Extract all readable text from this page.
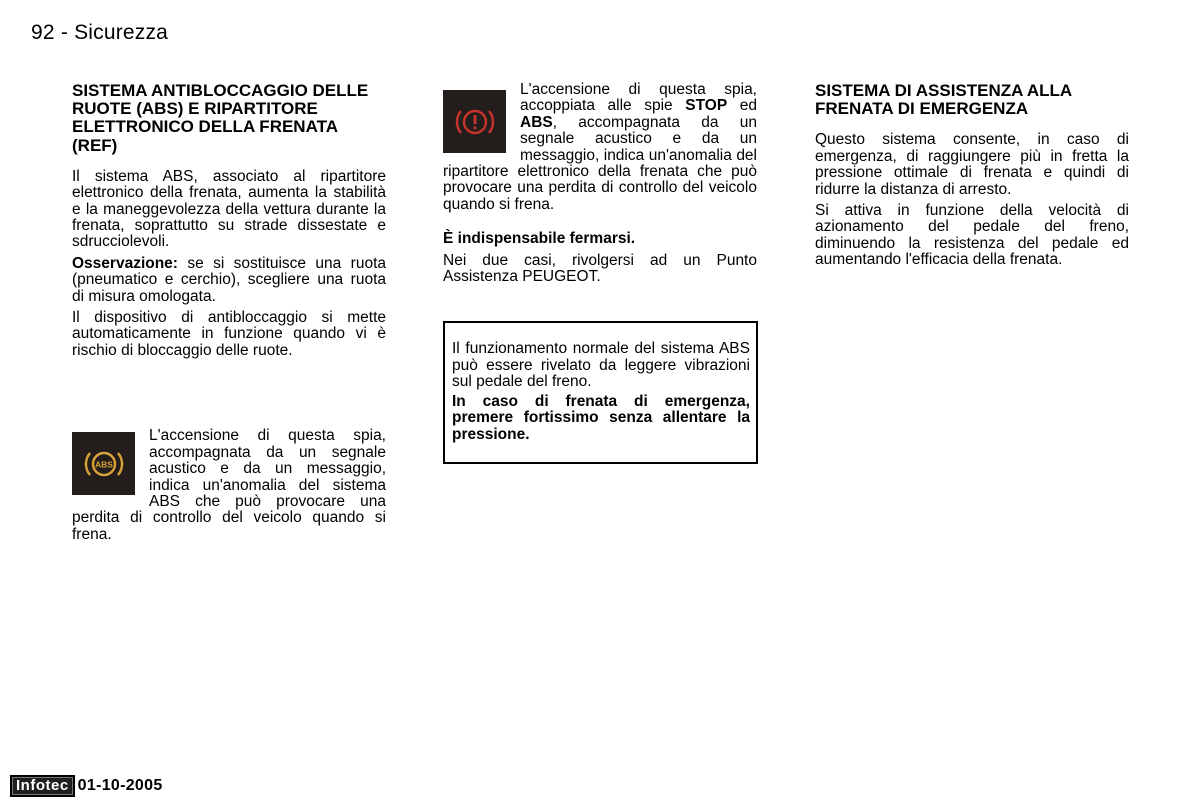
92 - Sicurezza
SISTEMA ANTIBLOCCAGGIO DELLE RUOTE (ABS) E RIPARTITORE ELETTRONICO DELLA FRENATA (REF)

Il sistema ABS, associato al ripartitore elettronico della frenata, aumenta la stabilità e la maneggevolezza della vettura durante la frenata, soprattutto su strade dissestate e sdrucciolevoli.

Osservazione: se si sostituisce una ruota (pneumatico e cerchio), scegliere una ruota di misura omologata.

Il dispositivo di antibloccaggio si mette automaticamente in funzione quando vi è rischio di bloccaggio delle ruote.

ABS

L'accensione di questa spia, accompagnata da un segnale acustico e da un messaggio, indica un'anomalia del sistema ABS che può provocare una perdita di controllo del veicolo quando si frena.

L'accensione di questa spia, accoppiata alle spie STOP ed ABS, accompagnata da un segnale acustico e da un messaggio, indica un'anomalia del ripartitore elettronico della frenata che può provocare una perdita di controllo del veicolo quando si frena.

È indispensabile fermarsi.

Nei due casi, rivolgersi ad un Punto Assistenza PEUGEOT.

Il funzionamento normale del sistema ABS può essere rivelato da leggere vibrazioni sul pedale del freno.

In caso di frenata di emergenza, premere fortissimo senza allentare la pressione.

SISTEMA DI ASSISTENZA ALLA FRENATA DI EMERGENZA

Questo sistema consente, in caso di emergenza, di raggiungere più in fretta la pressione ottimale di frenata e quindi di ridurre la distanza di arresto.

Si attiva in funzione della velocità di azionamento del pedale del freno, diminuendo la resistenza del pedale ed aumentando l'efficacia della frenata.

Infotec 01-10-2005
